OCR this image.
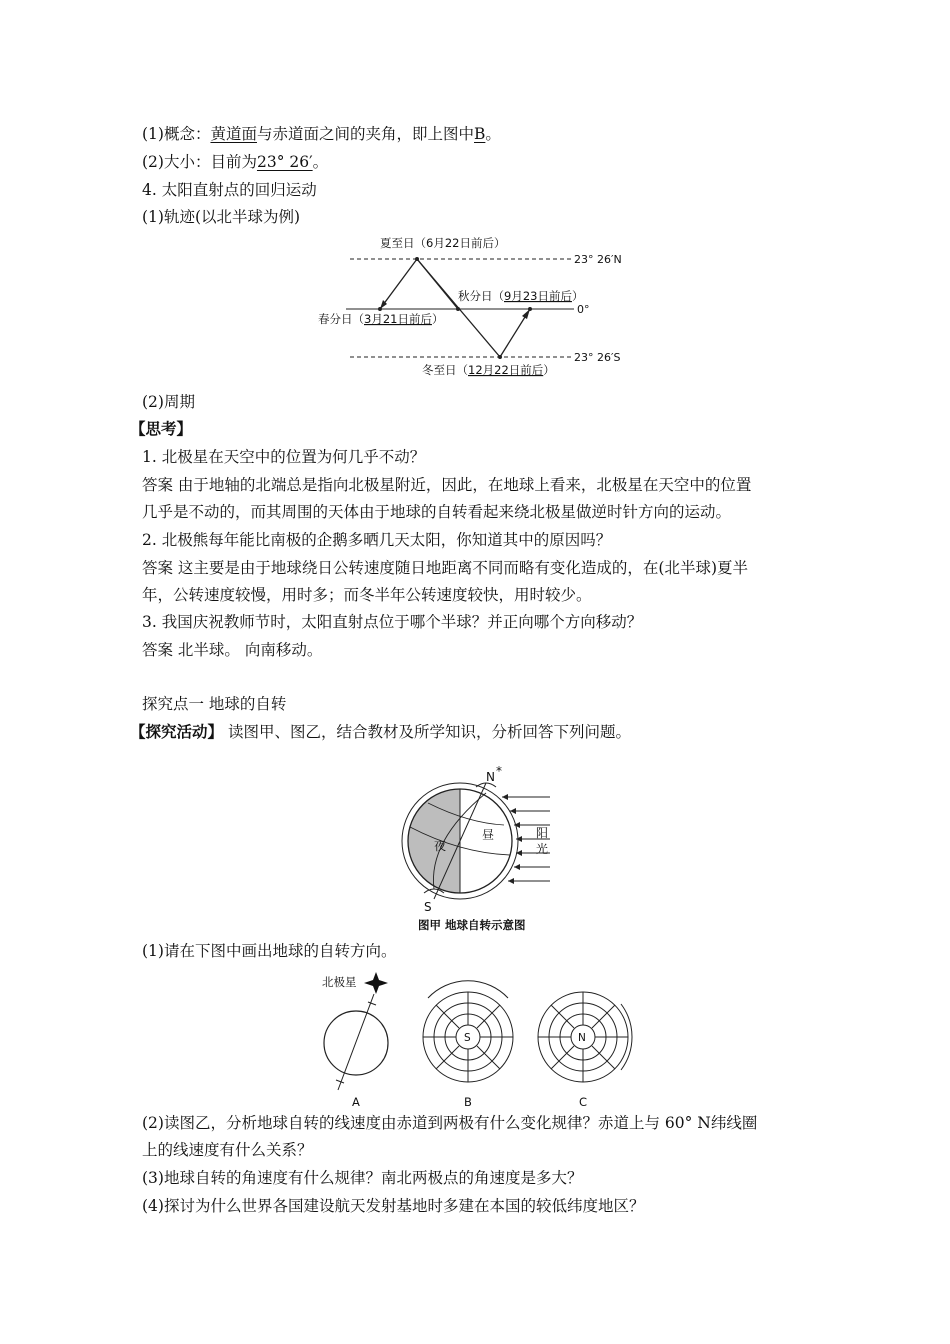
(1)概念：黄道面与赤道面之间的夹角，即上图中B。
(2)大小：目前为23° 26′。
4. 太阳直射点的回归运动
(1)轨迹(以北半球为例)
夏至日（6月22日前后）
秋分日（9月23日前后）
春分日（3月21日前后）
冬至日（12月22日前后）
23° 26′N
0°
23° 26′S
(2)周期
【思考】
1. 北极星在天空中的位置为何几乎不动？
答案 由于地轴的北端总是指向北极星附近，因此，在地球上看来，北极星在天空中的位置
几乎是不动的，而其周围的天体由于地球的自转看起来绕北极星做逆时针方向的运动。
2. 北极熊每年能比南极的企鹅多晒几天太阳，你知道其中的原因吗？
答案 这主要是由于地球绕日公转速度随日地距离不同而略有变化造成的，在(北半球)夏半
年，公转速度较慢，用时多；而冬半年公转速度较快，用时较少。
3. 我国庆祝教师节时，太阳直射点位于哪个半球？并正向哪个方向移动？
答案 北半球。 向南移动。
探究点一 地球的自转
【探究活动】 读图甲、图乙，结合教材及所学知识，分析回答下列问题。
N *
S
昼
夜
阳
光
图甲 地球自转示意图
(1)请在下图中画出地球的自转方向。
北极星
A
S
B
N
C
(2)读图乙，分析地球自转的线速度由赤道到两极有什么变化规律？赤道上与 60° N纬线圈
上的线速度有什么关系？
(3)地球自转的角速度有什么规律？南北两极点的角速度是多大？
(4)探讨为什么世界各国建设航天发射基地时多建在本国的较低纬度地区？
